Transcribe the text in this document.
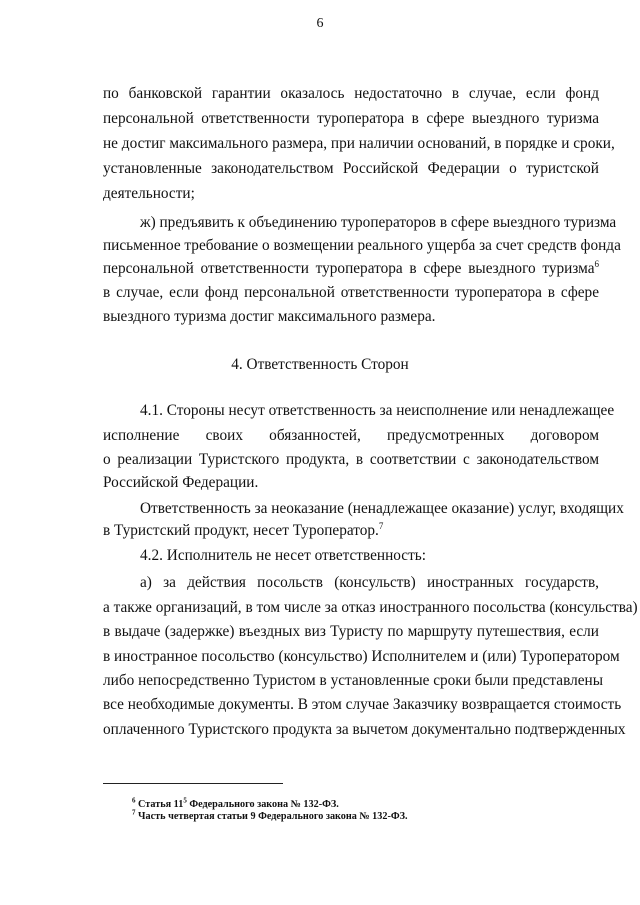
6
по банковской гарантии оказалось недостаточно в случае, если фонд
персональной ответственности туроператора в сфере выездного туризма
не достиг максимального размера, при наличии оснований, в порядке и сроки,
установленные законодательством Российской Федерации о туристской
деятельности;
ж) предъявить к объединению туроператоров в сфере выездного туризма
письменное требование о возмещении реального ущерба за счет средств фонда
персональной ответственности туроператора в сфере выездного туризма$^6$
в случае, если фонд персональной ответственности туроператора в сфере
выездного туризма достиг максимального размера.
4. Ответственность Сторон
4.1. Стороны несут ответственность за неисполнение или ненадлежащее
исполнение своих обязанностей, предусмотренных договором
о реализации Туристского продукта, в соответствии с законодательством
Российской Федерации.
Ответственность за неоказание (ненадлежащее оказание) услуг, входящих
в Туристский продукт, несет Туроператор.$^7$
4.2. Исполнитель не несет ответственность:
а) за действия посольств (консульств) иностранных государств,
а также организаций, в том числе за отказ иностранного посольства (консульства)
в выдаче (задержке) въездных виз Туристу по маршруту путешествия, если
в иностранное посольство (консульство) Исполнителем и (или) Туроператором
либо непосредственно Туристом в установленные сроки были представлены
все необходимые документы. В этом случае Заказчику возвращается стоимость
оплаченного Туристского продукта за вычетом документально подтвержденных
$^6$ Статья $11^5$ Федерального закона № 132-ФЗ.
$^7$ Часть четвертая статьи 9 Федерального закона № 132-ФЗ.
